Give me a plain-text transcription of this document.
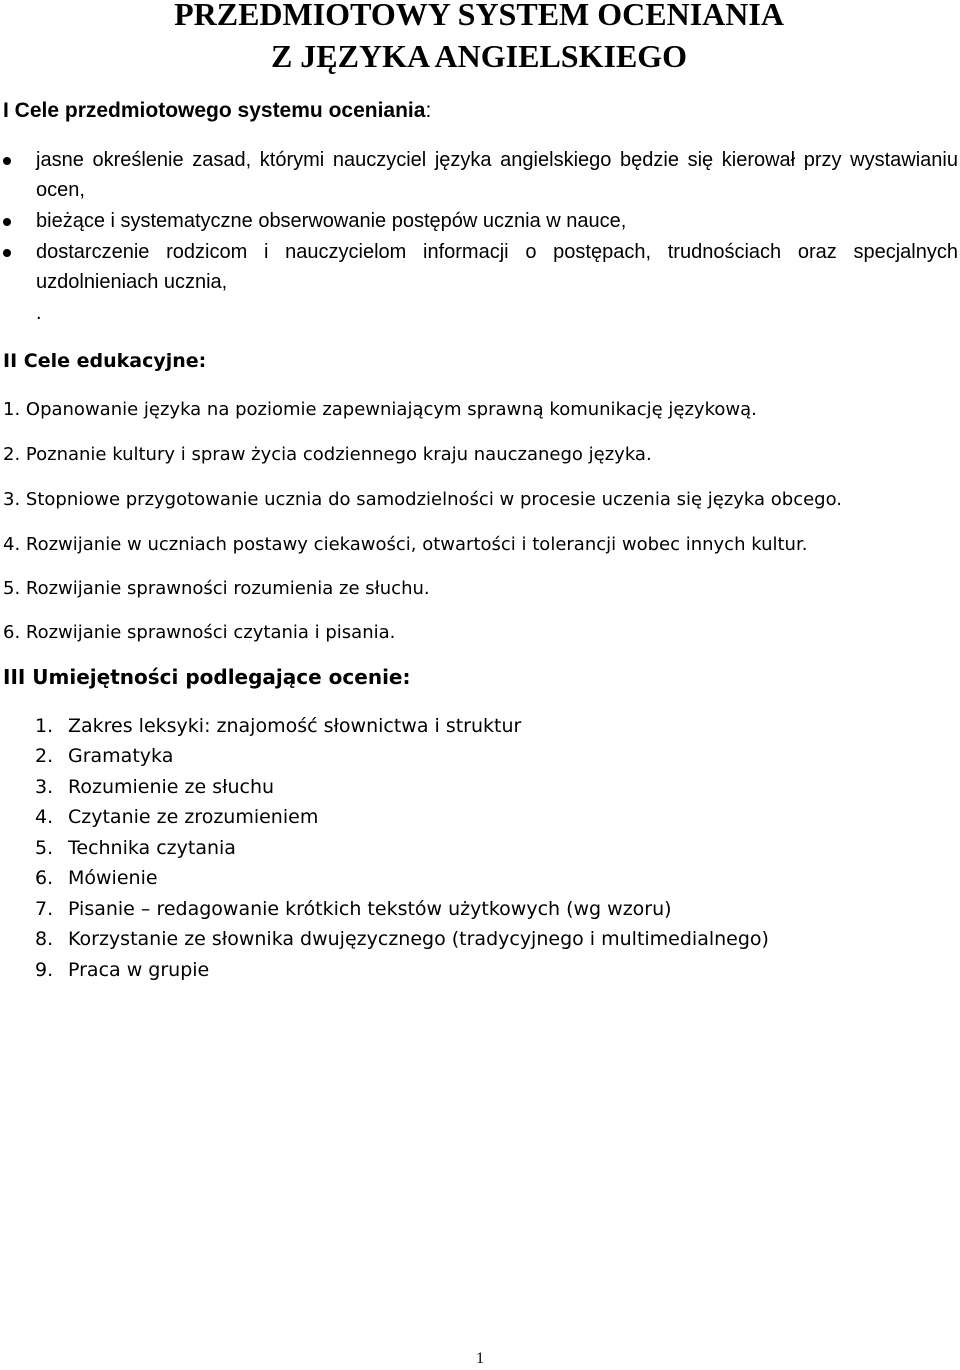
PRZEDMIOTOWY SYSTEM OCENIANIA
Z JĘZYKA ANGIELSKIEGO
I Cele przedmiotowego systemu oceniania:

jasne określenie zasad, którymi nauczyciel języka angielskiego będzie się kierował przy wystawianiu ocen,

bieżące i systematyczne obserwowanie postępów ucznia w nauce,

dostarczenie rodzicom i nauczycielom informacji o postępach, trudnościach oraz specjalnych uzdolnieniach ucznia,

.

II Cele edukacyjne:

1. Opanowanie języka na poziomie zapewniającym sprawną komunikację językową.

2. Poznanie kultury i spraw życia codziennego kraju nauczanego języka.

3. Stopniowe przygotowanie ucznia do samodzielności w procesie uczenia się języka obcego.

4. Rozwijanie w uczniach postawy ciekawości, otwartości i tolerancji wobec innych kultur.

5. Rozwijanie sprawności rozumienia ze słuchu.

6. Rozwijanie sprawności czytania i pisania.

III Umiejętności podlegające ocenie:
1. Zakres leksyki: znajomość słownictwa i struktur
2. Gramatyka
3. Rozumienie ze słuchu
4. Czytanie ze zrozumieniem
5. Technika czytania
6. Mówienie
7. Pisanie – redagowanie krótkich tekstów użytkowych (wg wzoru)
8. Korzystanie ze słownika dwujęzycznego (tradycyjnego i multimedialnego)
9. Praca w grupie
1
